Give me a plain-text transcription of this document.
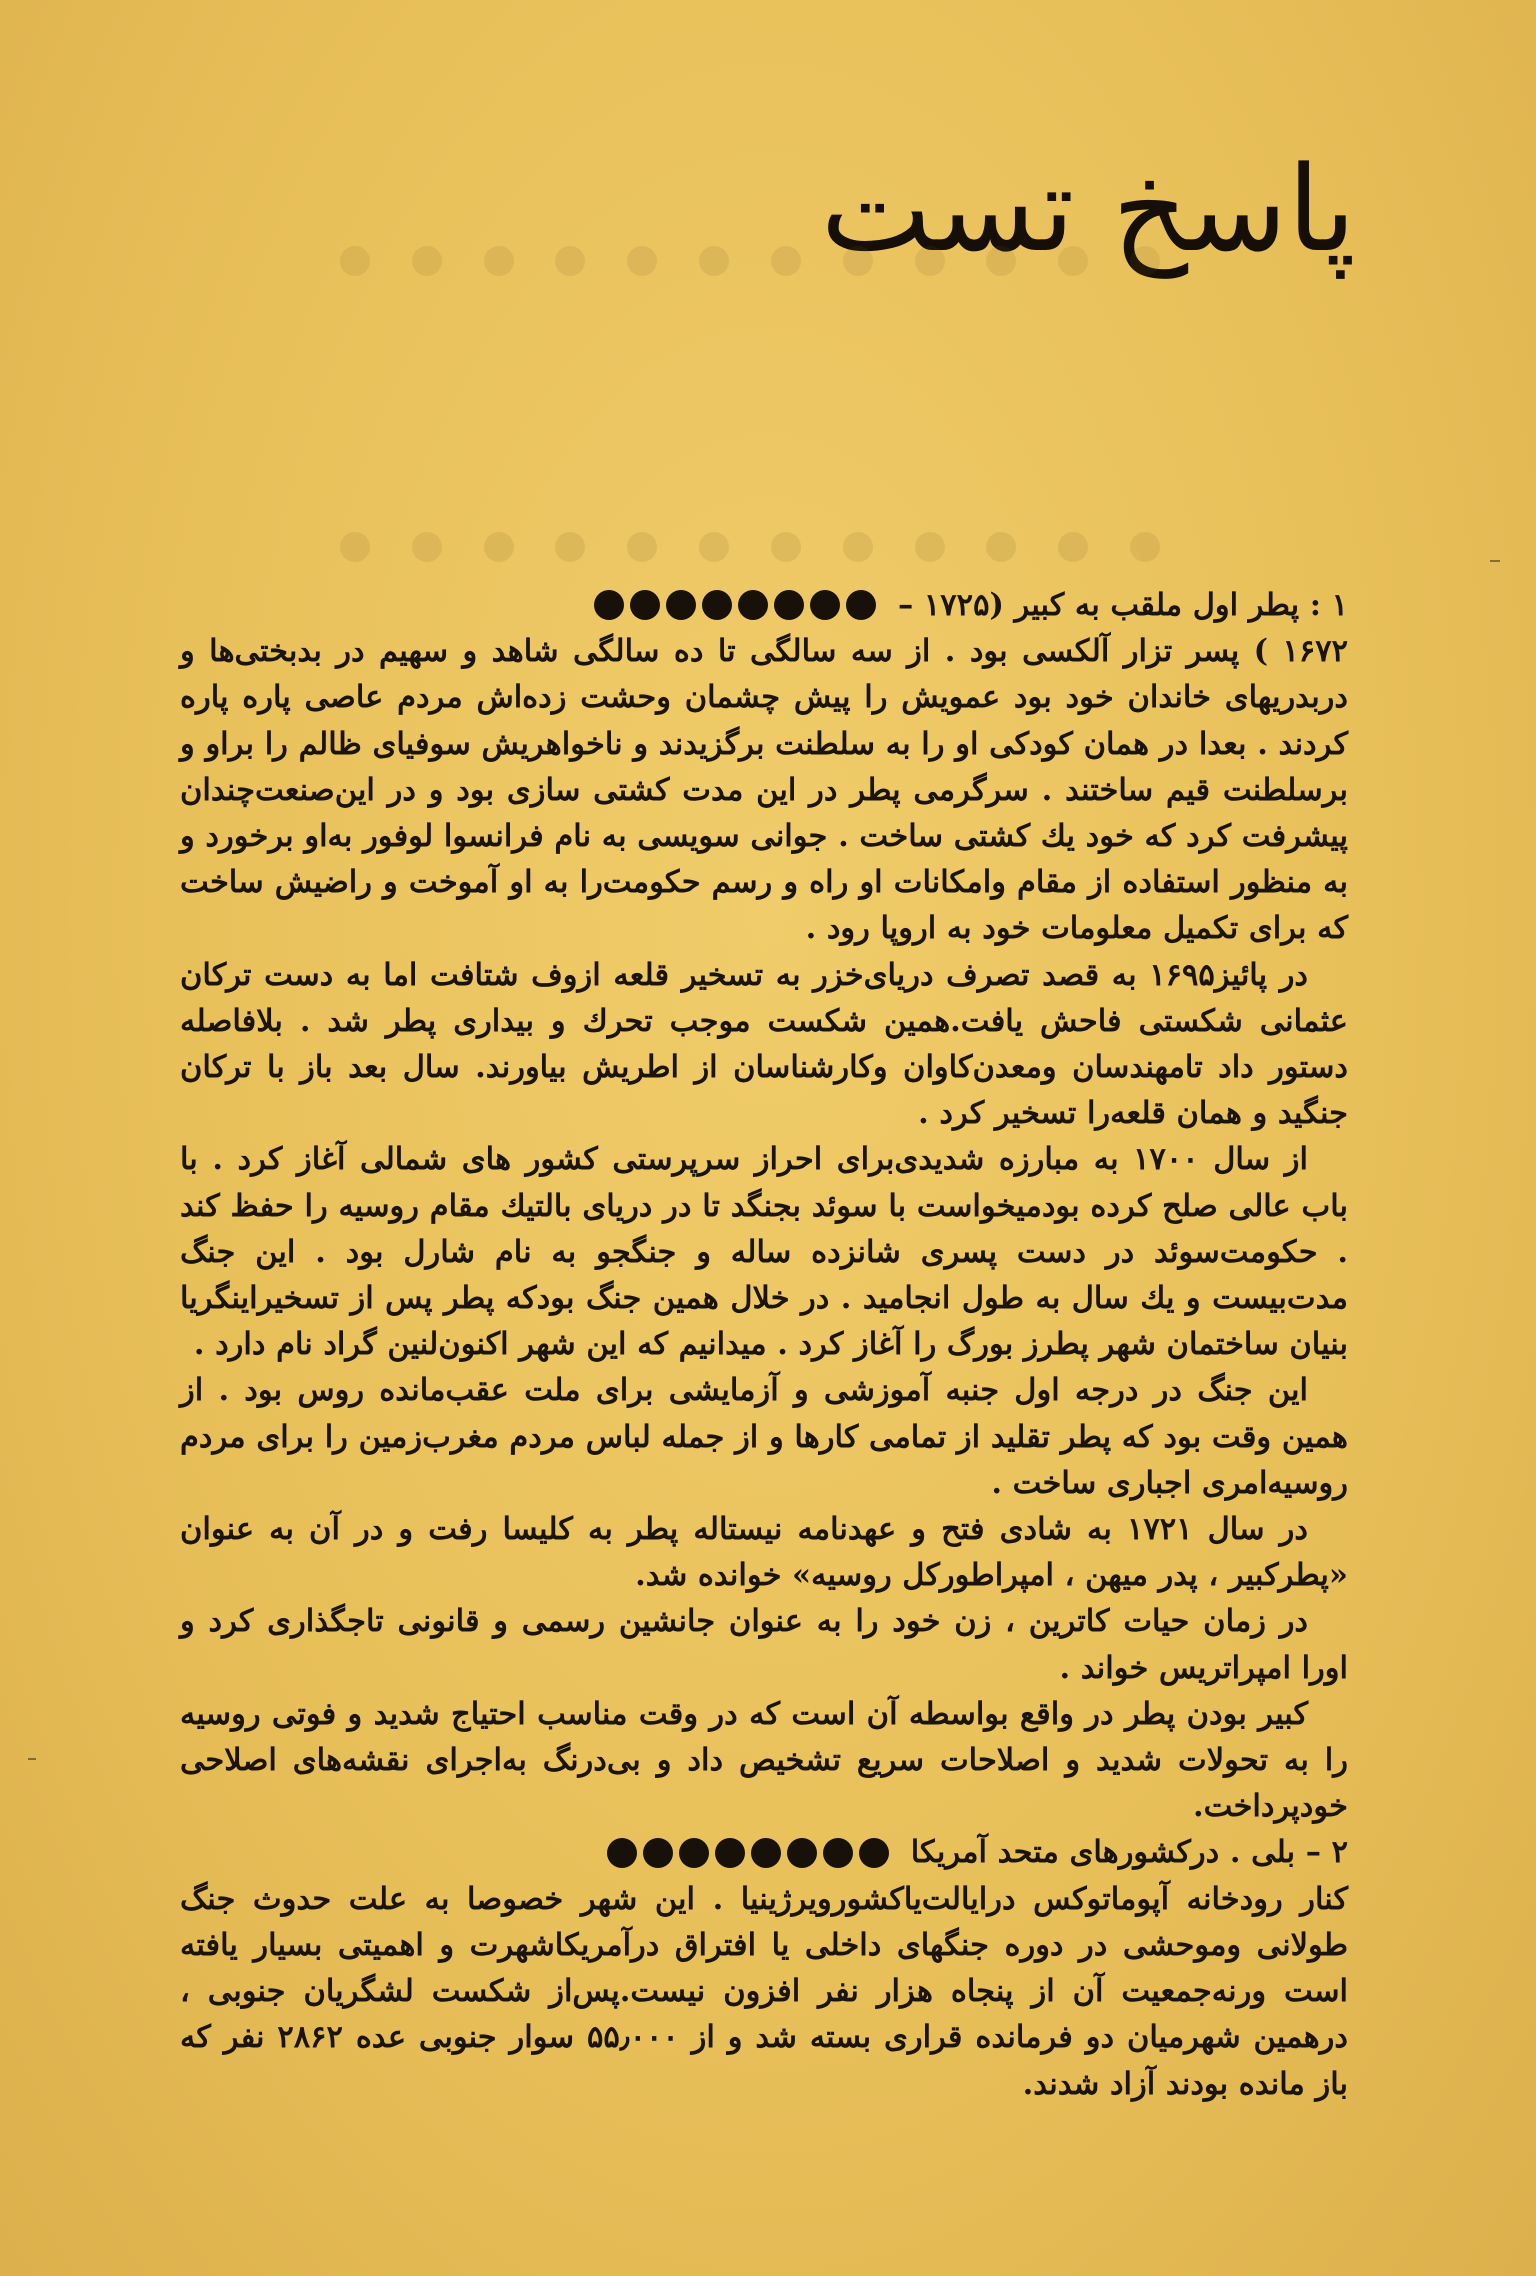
پاسخ تست
۱ : پطر اول ملقب به کبیر (۱۷۲۵ –

۱۶۷۲ ) پسر تزار آلکسی بود . از سه سالگی تا ده سالگی شاهد و سهیم در بدبختی‌ها و دربدریهای خاندان خود بود عمویش را پیش چشمان وحشت زده‌اش مردم عاصی پاره پاره کردند . بعدا در همان کودکی او را به سلطنت برگزیدند و ناخواهریش سوفیای ظالم را براو و برسلطنت قیم ساختند . سرگرمی پطر در این مدت کشتی سازی بود و در این‌صنعت‌چندان پیشرفت کرد که خود یك کشتی ساخت . جوانی سویسی به نام فرانسوا لوفور به‌او برخورد و به منظور استفاده از مقام وامکانات او راه و رسم حکومت‌را به او آموخت و راضیش ساخت که برای تکمیل معلومات خود به اروپا رود .

در پائیز۱۶۹۵ به قصد تصرف دریای‌خزر به تسخیر قلعه ازوف شتافت اما به دست ترکان عثمانی شکستی فاحش یافت.همین شکست موجب تحرك و بیداری پطر شد . بلافاصله دستور داد تامهندسان ومعدن‌کاوان وکارشناسان از اطریش بیاورند. سال بعد باز با ترکان جنگید و همان قلعه‌را تسخیر کرد .

از سال ۱۷۰۰ به مبارزه شدیدی‌برای احراز سرپرستی کشور های شمالی آغاز کرد . با باب عالی صلح کرده بودمیخواست با سوئد بجنگد تا در دریای بالتیك مقام روسیه را حفظ کند . حکومت‌سوئد در دست پسری شانزده ساله و جنگجو به نام شارل بود . این جنگ مدت‌بیست و یك سال به طول انجامید . در خلال همین جنگ بودکه پطر پس از تسخیراینگریا بنیان ساختمان شهر پطرز بورگ را آغاز کرد . میدانیم که این شهر اکنون‌لنین گراد نام دارد .

این جنگ در درجه اول جنبه آموزشی و آزمایشی برای ملت عقب‌مانده روس بود . از همین وقت بود که پطر تقلید از تمامی کارها و از جمله لباس مردم مغرب‌زمین را برای مردم روسیه‌امری اجباری ساخت .

در سال ۱۷۲۱ به شادی فتح و عهدنامه نیستاله پطر به کلیسا رفت و در آن به عنوان «پطرکبیر ، پدر میهن ، امپراطورکل روسیه» خوانده شد.

در زمان حیات کاترین ، زن خود را به عنوان جانشین رسمی و قانونی تاجگذاری کرد و اورا امپراتریس خواند .

کبیر بودن پطر در واقع بواسطه آن است که در وقت مناسب احتیاج شدید و فوتی روسیه را به تحولات شدید و اصلاحات سریع تشخیص داد و بی‌درنگ به‌اجرای نقشه‌های اصلاحی خودپرداخت.

۲ – بلی . درکشورهای متحد آمریکا

کنار رودخانه آپوماتوکس درایالت‌یاکشورویرژینیا . این شهر خصوصا به علت حدوث جنگ طولانی وموحشی در دوره جنگهای داخلی یا افتراق درآمریکاشهرت و اهمیتی بسیار یافته است ورنه‌جمعیت آن از پنجاه هزار نفر افزون نیست.پس‌از شکست لشگریان جنوبی ، درهمین شهرمیان دو فرمانده قراری بسته شد و از ۵۵٫۰۰۰ سوار جنوبی عده ۲۸۶۲ نفر که باز مانده بودند آزاد شدند.
